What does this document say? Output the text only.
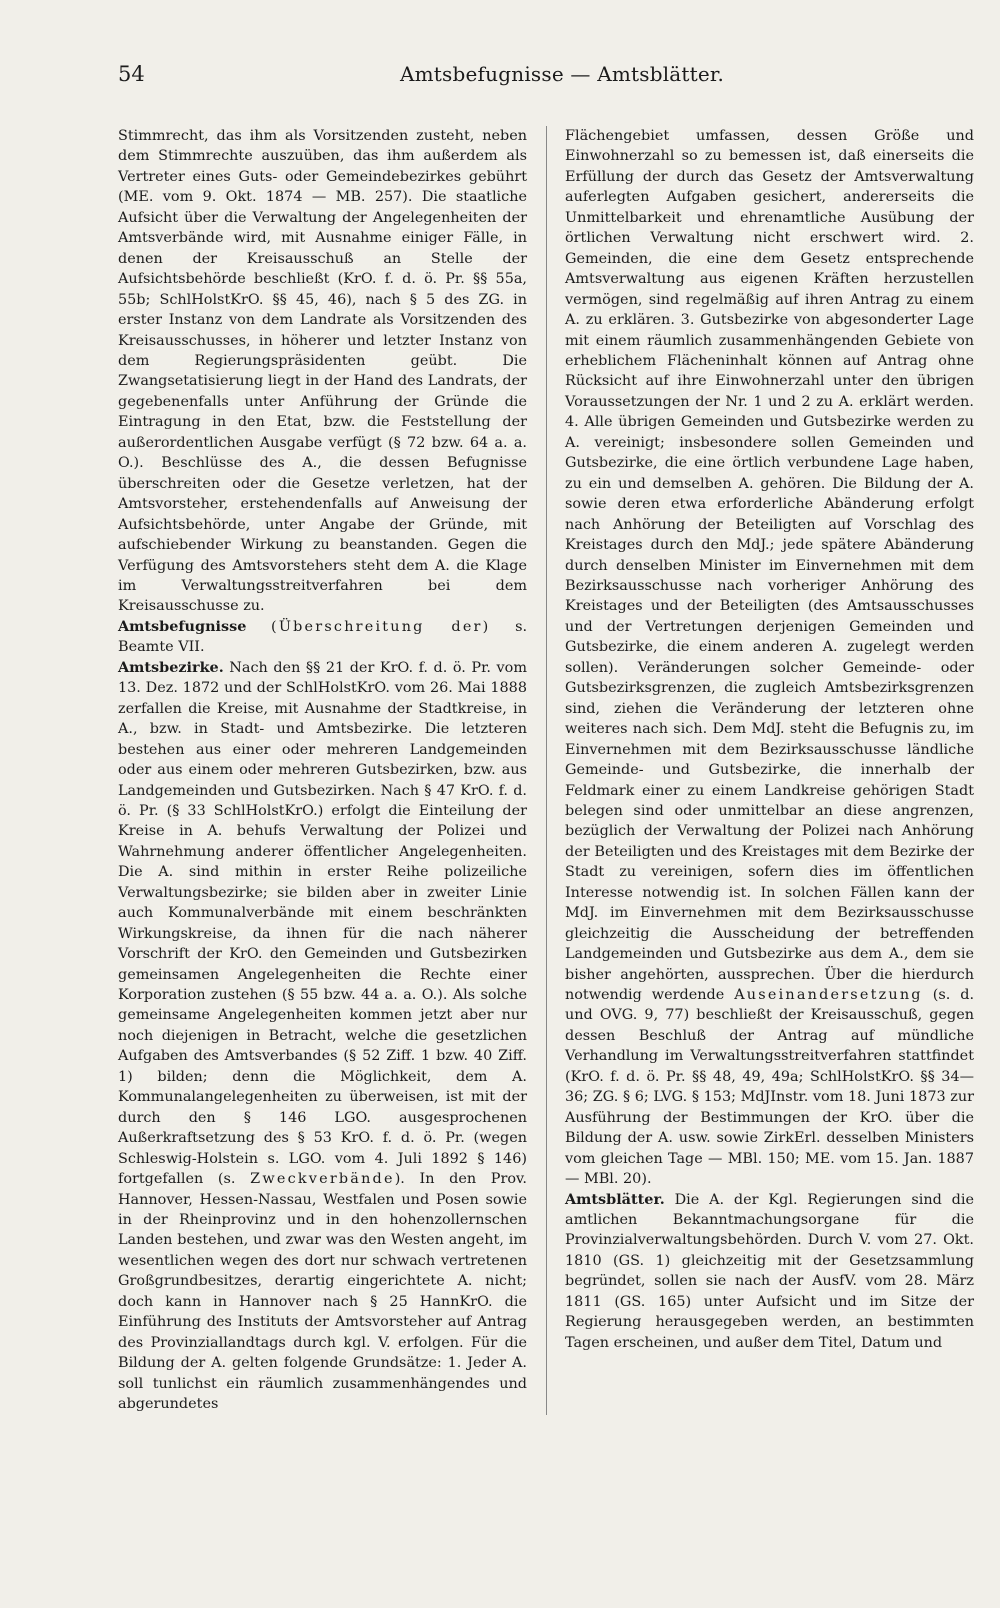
54	Amtsbefugnisse — Amtsblätter.

Stimmrecht, das ihm als Vorsitzenden zusteht, neben dem Stimmrechte auszuüben, das ihm außerdem als Vertreter eines Guts- oder Gemeindebezirkes gebührt (ME. vom 9. Okt. 1874 — MB. 257). Die staatliche Aufsicht über die Verwaltung der Angelegenheiten der Amtsverbände wird, mit Ausnahme einiger Fälle, in denen der Kreisausschuß an Stelle der Aufsichtsbehörde beschließt (KrO. f. d. ö. Pr. §§ 55a, 55b; SchlHolstKrO. §§ 45, 46), nach § 5 des ZG. in erster Instanz von dem Landrate als Vorsitzenden des Kreisausschusses, in höherer und letzter Instanz von dem Regierungspräsidenten geübt. Die Zwangsetatisierung liegt in der Hand des Landrats, der gegebenenfalls unter Anführung der Gründe die Eintragung in den Etat, bzw. die Feststellung der außerordentlichen Ausgabe verfügt (§ 72 bzw. 64 a. a. O.). Beschlüsse des A., die dessen Befugnisse überschreiten oder die Gesetze verletzen, hat der Amtsvorsteher, erstehendenfalls auf Anweisung der Aufsichtsbehörde, unter Angabe der Gründe, mit aufschiebender Wirkung zu beanstanden. Gegen die Verfügung des Amtsvorstehers steht dem A. die Klage im Verwaltungsstreitverfahren bei dem Kreisausschusse zu.

Amtsbefugnisse (Überschreitung der) s. Beamte VII.

Amtsbezirke. Nach den §§ 21 der KrO. f. d. ö. Pr. vom 13. Dez. 1872 und der SchlHolstKrO. vom 26. Mai 1888 zerfallen die Kreise, mit Ausnahme der Stadtkreise, in A., bzw. in Stadt- und Amtsbezirke. Die letzteren bestehen aus einer oder mehreren Landgemeinden oder aus einem oder mehreren Gutsbezirken, bzw. aus Landgemeinden und Gutsbezirken. Nach § 47 KrO. f. d. ö. Pr. (§ 33 SchlHolstKrO.) erfolgt die Einteilung der Kreise in A. behufs Verwaltung der Polizei und Wahrnehmung anderer öffentlicher Angelegenheiten. Die A. sind mithin in erster Reihe polizeiliche Verwaltungsbezirke; sie bilden aber in zweiter Linie auch Kommunalverbände mit einem beschränkten Wirkungskreise, da ihnen für die nach näherer Vorschrift der KrO. den Gemeinden und Gutsbezirken gemeinsamen Angelegenheiten die Rechte einer Korporation zustehen (§ 55 bzw. 44 a. a. O.). Als solche gemeinsame Angelegenheiten kommen jetzt aber nur noch diejenigen in Betracht, welche die gesetzlichen Aufgaben des Amtsverbandes (§ 52 Ziff. 1 bzw. 40 Ziff. 1) bilden; denn die Möglichkeit, dem A. Kommunalangelegenheiten zu überweisen, ist mit der durch den § 146 LGO. ausgesprochenen Außerkraftsetzung des § 53 KrO. f. d. ö. Pr. (wegen Schleswig-Holstein s. LGO. vom 4. Juli 1892 § 146) fortgefallen (s. Zweckverbände). In den Prov. Hannover, Hessen-Nassau, Westfalen und Posen sowie in der Rheinprovinz und in den hohenzollernschen Landen bestehen, und zwar was den Westen angeht, im wesentlichen wegen des dort nur schwach vertretenen Großgrundbesitzes, derartig eingerichtete A. nicht; doch kann in Hannover nach § 25 HannKrO. die Einführung des Instituts der Amtsvorsteher auf Antrag des Provinziallandtags durch kgl. V. erfolgen. Für die Bildung der A. gelten folgende Grundsätze: 1. Jeder A. soll tunlichst ein räumlich zusammenhängendes und abgerundetes

Flächengebiet umfassen, dessen Größe und Einwohnerzahl so zu bemessen ist, daß einerseits die Erfüllung der durch das Gesetz der Amtsverwaltung auferlegten Aufgaben gesichert, andererseits die Unmittelbarkeit und ehrenamtliche Ausübung der örtlichen Verwaltung nicht erschwert wird. 2. Gemeinden, die eine dem Gesetz entsprechende Amtsverwaltung aus eigenen Kräften herzustellen vermögen, sind regelmäßig auf ihren Antrag zu einem A. zu erklären. 3. Gutsbezirke von abgesonderter Lage mit einem räumlich zusammenhängenden Gebiete von erheblichem Flächeninhalt können auf Antrag ohne Rücksicht auf ihre Einwohnerzahl unter den übrigen Voraussetzungen der Nr. 1 und 2 zu A. erklärt werden. 4. Alle übrigen Gemeinden und Gutsbezirke werden zu A. vereinigt; insbesondere sollen Gemeinden und Gutsbezirke, die eine örtlich verbundene Lage haben, zu ein und demselben A. gehören. Die Bildung der A. sowie deren etwa erforderliche Abänderung erfolgt nach Anhörung der Beteiligten auf Vorschlag des Kreistages durch den MdJ.; jede spätere Abänderung durch denselben Minister im Einvernehmen mit dem Bezirksausschusse nach vorheriger Anhörung des Kreistages und der Beteiligten (des Amtsausschusses und der Vertretungen derjenigen Gemeinden und Gutsbezirke, die einem anderen A. zugelegt werden sollen). Veränderungen solcher Gemeinde- oder Gutsbezirksgrenzen, die zugleich Amtsbezirksgrenzen sind, ziehen die Veränderung der letzteren ohne weiteres nach sich. Dem MdJ. steht die Befugnis zu, im Einvernehmen mit dem Bezirksausschusse ländliche Gemeinde- und Gutsbezirke, die innerhalb der Feldmark einer zu einem Landkreise gehörigen Stadt belegen sind oder unmittelbar an diese angrenzen, bezüglich der Verwaltung der Polizei nach Anhörung der Beteiligten und des Kreistages mit dem Bezirke der Stadt zu vereinigen, sofern dies im öffentlichen Interesse notwendig ist. In solchen Fällen kann der MdJ. im Einvernehmen mit dem Bezirksausschusse gleichzeitig die Ausscheidung der betreffenden Landgemeinden und Gutsbezirke aus dem A., dem sie bisher angehörten, aussprechen. Über die hierdurch notwendig werdende Auseinandersetzung (s. d. und OVG. 9, 77) beschließt der Kreisausschuß, gegen dessen Beschluß der Antrag auf mündliche Verhandlung im Verwaltungsstreitverfahren stattfindet (KrO. f. d. ö. Pr. §§ 48, 49, 49a; SchlHolstKrO. §§ 34—36; ZG. § 6; LVG. § 153; MdJInstr. vom 18. Juni 1873 zur Ausführung der Bestimmungen der KrO. über die Bildung der A. usw. sowie ZirkErl. desselben Ministers vom gleichen Tage — MBl. 150; ME. vom 15. Jan. 1887 — MBl. 20).

Amtsblätter. Die A. der Kgl. Regierungen sind die amtlichen Bekanntmachungsorgane für die Provinzialverwaltungsbehörden. Durch V. vom 27. Okt. 1810 (GS. 1) gleichzeitig mit der Gesetzsammlung begründet, sollen sie nach der AusfV. vom 28. März 1811 (GS. 165) unter Aufsicht und im Sitze der Regierung herausgegeben werden, an bestimmten Tagen erscheinen, und außer dem Titel, Datum und
